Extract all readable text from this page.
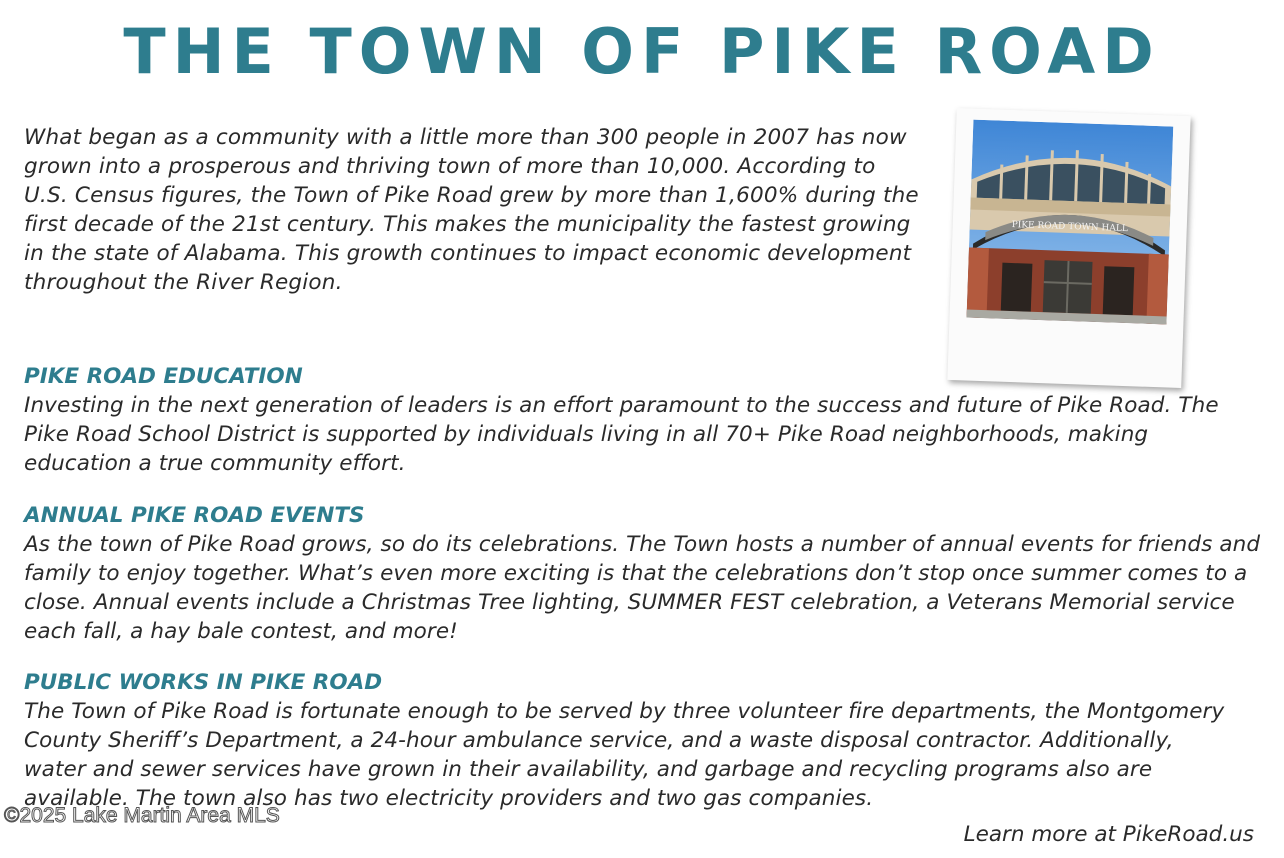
THE TOWN OF PIKE ROAD

What began as a community with a little more than 300 people in 2007 has now grown into a prosperous and thriving town of more than 10,000. According to U.S. Census figures, the Town of Pike Road grew by more than 1,600% during the first decade of the 21st century. This makes the municipality the fastest growing in the state of Alabama. This growth continues to impact economic development throughout the River Region.

PIKE ROAD TOWN HALL
PIKE ROAD EDUCATION

Investing in the next generation of leaders is an effort paramount to the success and future of Pike Road. The Pike Road School District is supported by individuals living in all 70+ Pike Road neighborhoods, making education a true community effort.

ANNUAL PIKE ROAD EVENTS

As the town of Pike Road grows, so do its celebrations. The Town hosts a number of annual events for friends and family to enjoy together. What’s even more exciting is that the celebrations don’t stop once summer comes to a close. Annual events include a Christmas Tree lighting, SUMMER FEST celebration, a Veterans Memorial service each fall, a hay bale contest, and more!

PUBLIC WORKS IN PIKE ROAD

The Town of Pike Road is fortunate enough to be served by three volunteer fire departments, the Montgomery County Sheriff’s Department, a 24-hour ambulance service, and a waste disposal contractor. Additionally, water and sewer services have grown in their availability, and garbage and recycling programs also are available. The town also has two electricity providers and two gas companies.

©2025 Lake Martin Area MLS
Learn more at PikeRoad.us
